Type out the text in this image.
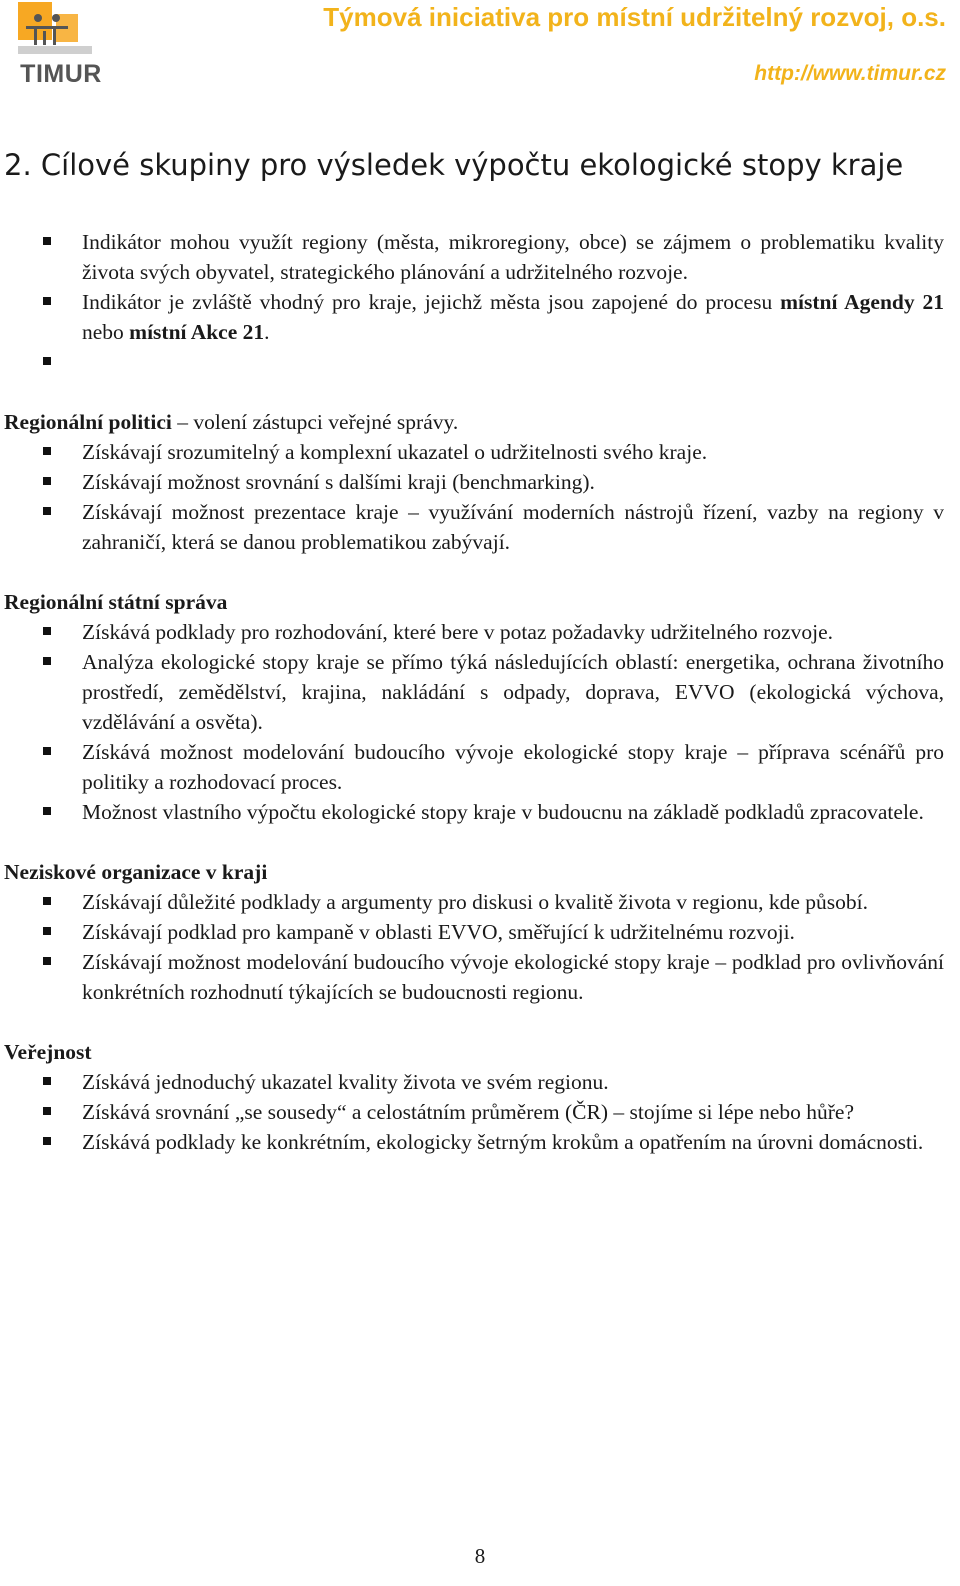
TIMUR
Týmová iniciativa pro místní udržitelný rozvoj, o.s.
http://www.timur.cz
2. Cílové skupiny pro výsledek výpočtu ekologické stopy kraje
Indikátor mohou využít regiony (města, mikroregiony, obce) se zájmem o problematiku kvality života svých obyvatel, strategického plánování a udržitelného rozvoje.
Indikátor je zvláště vhodný pro kraje, jejichž města jsou zapojené do procesu místní Agendy 21 nebo místní Akce 21.
Regionální politici – volení zástupci veřejné správy.
Získávají srozumitelný a komplexní ukazatel o udržitelnosti svého kraje.
Získávají možnost srovnání s dalšími kraji (benchmarking).
Získávají možnost prezentace kraje – využívání moderních nástrojů řízení, vazby na regiony v zahraničí, která se danou problematikou zabývají.
Regionální státní správa
Získává podklady pro rozhodování, které bere v potaz požadavky udržitelného rozvoje.
Analýza ekologické stopy kraje se přímo týká následujících oblastí: energetika, ochrana životního prostředí, zemědělství, krajina, nakládání s odpady, doprava, EVVO (ekologická výchova, vzdělávání a osvěta).
Získává možnost modelování budoucího vývoje ekologické stopy kraje – příprava scénářů pro politiky a rozhodovací proces.
Možnost vlastního výpočtu ekologické stopy kraje v budoucnu na základě podkladů zpracovatele.
Neziskové organizace v kraji
Získávají důležité podklady a argumenty pro diskusi o kvalitě života v regionu, kde působí.
Získávají podklad pro kampaně v oblasti EVVO, směřující k udržitelnému rozvoji.
Získávají možnost modelování budoucího vývoje ekologické stopy kraje – podklad pro ovlivňování konkrétních rozhodnutí týkajících se budoucnosti regionu.
Veřejnost
Získává jednoduchý ukazatel kvality života ve svém regionu.
Získává srovnání „se sousedy“ a celostátním průměrem (ČR) – stojíme si lépe nebo hůře?
Získává podklady ke konkrétním, ekologicky šetrným krokům a opatřením na úrovni domácnosti.
8
